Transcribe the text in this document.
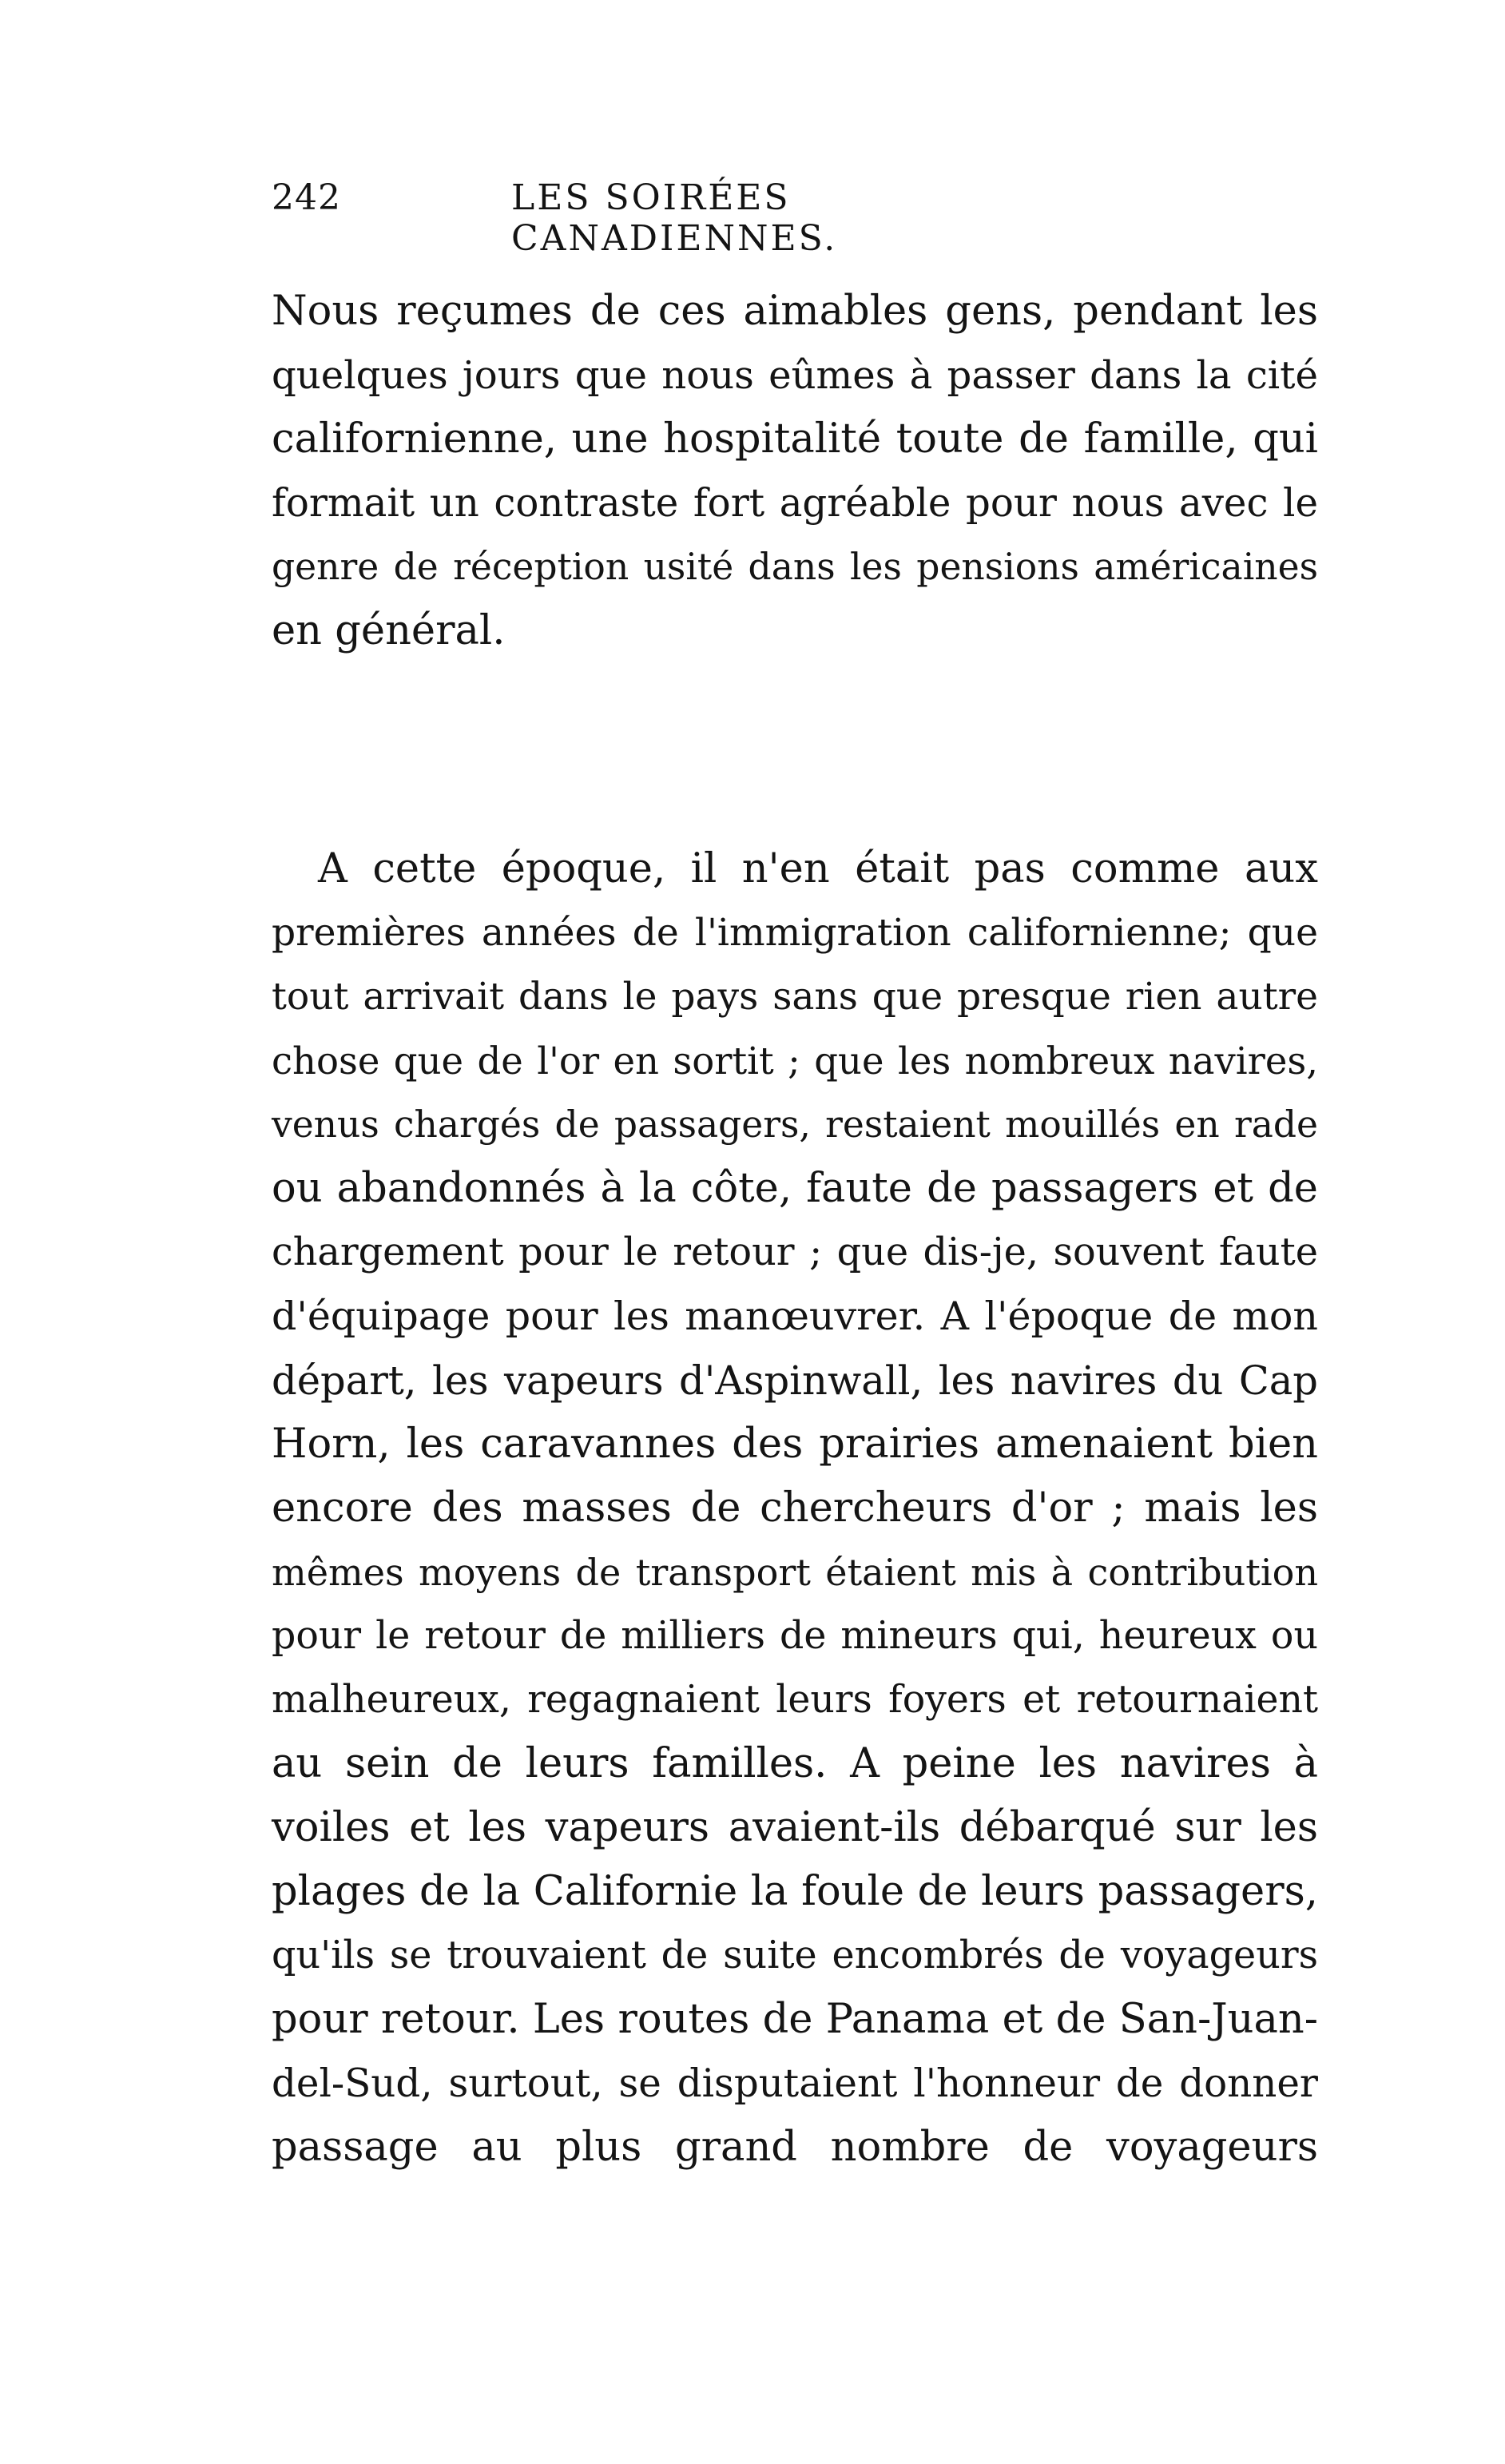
242	LES SOIRÉES CANADIENNES.
Nous reçumes de ces aimables gens, pendant les
quelques jours que nous eûmes à passer dans la cité
californienne, une hospitalité toute de famille, qui
formait un contraste fort agréable pour nous avec le
genre de réception usité dans les pensions américaines
en général.
A cette époque, il n'en était pas comme aux
premières années de l'immigration californienne; que
tout arrivait dans le pays sans que presque rien autre
chose que de l'or en sortit ; que les nombreux navires,
venus chargés de passagers, restaient mouillés en rade
ou abandonnés à la côte, faute de passagers et de
chargement pour le retour ; que dis-je, souvent faute
d'équipage pour les manœuvrer. A l'époque de mon
départ, les vapeurs d'Aspinwall, les navires du Cap
Horn, les caravannes des prairies amenaient bien
encore des masses de chercheurs d'or ; mais les
mêmes moyens de transport étaient mis à contribution
pour le retour de milliers de mineurs qui, heureux ou
malheureux, regagnaient leurs foyers et retournaient
au sein de leurs familles. A peine les navires à
voiles et les vapeurs avaient-ils débarqué sur les
plages de la Californie la foule de leurs passagers,
qu'ils se trouvaient de suite encombrés de voyageurs
pour retour. Les routes de Panama et de San-Juan-
del-Sud, surtout, se disputaient l'honneur de donner
passage au plus grand nombre de voyageurs
